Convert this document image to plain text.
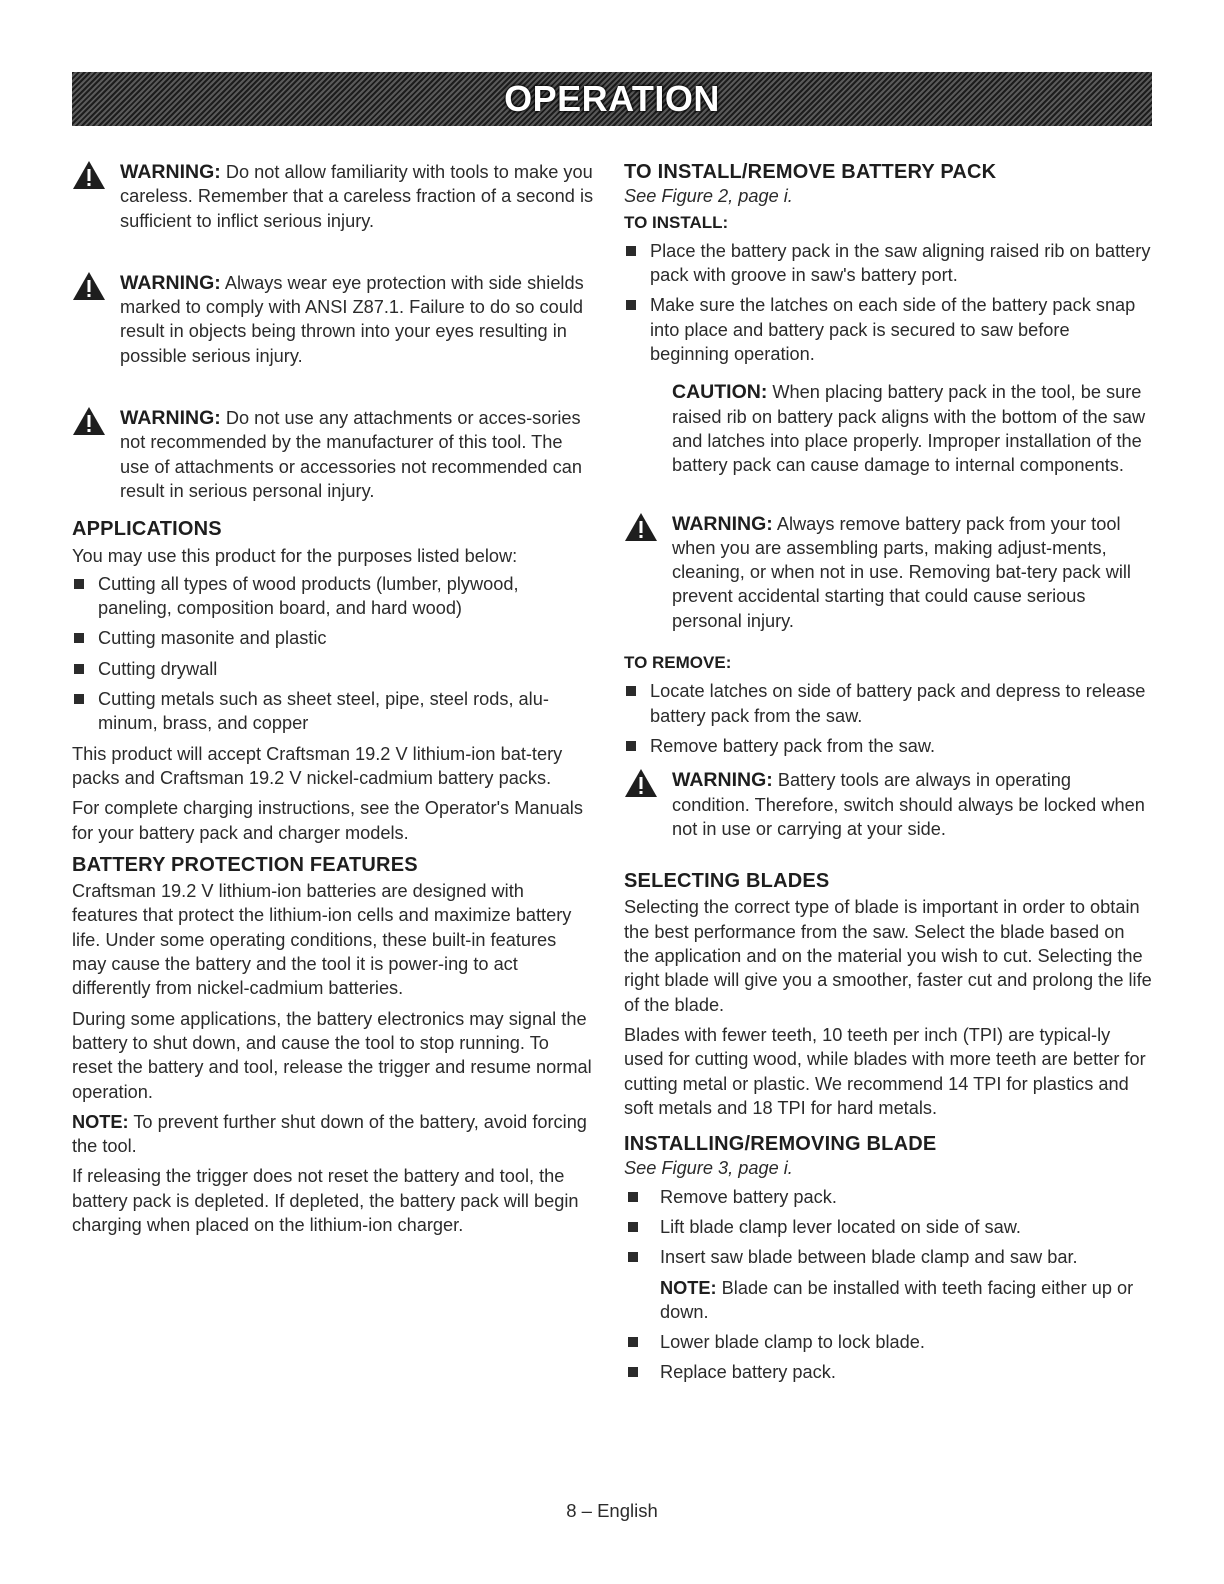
OPERATION

WARNING: Do not allow familiarity with tools to make you careless. Remember that a careless fraction of a second is sufficient to inflict serious injury.

WARNING: Always wear eye protection with side shields marked to comply with ANSI Z87.1. Failure to do so could result in objects being thrown into your eyes resulting in possible serious injury.

WARNING: Do not use any attachments or acces-sories not recommended by the manufacturer of this tool. The use of attachments or accessories not recommended can result in serious personal injury.

APPLICATIONS

You may use this product for the purposes listed below:

Cutting all types of wood products (lumber, plywood, paneling, composition board, and hard wood)
Cutting masonite and plastic
Cutting drywall
Cutting metals such as sheet steel, pipe, steel rods, alu-minum, brass, and copper

This product will accept Craftsman 19.2 V lithium-ion bat-tery packs and Craftsman 19.2 V nickel-cadmium battery packs.

For complete charging instructions, see the Operator's Manuals for your battery pack and charger models.

BATTERY PROTECTION FEATURES

Craftsman 19.2 V lithium-ion batteries are designed with features that protect the lithium-ion cells and maximize battery life. Under some operating conditions, these built-in features may cause the battery and the tool it is power-ing to act differently from nickel-cadmium batteries.

During some applications, the battery electronics may signal the battery to shut down, and cause the tool to stop running. To reset the battery and tool, release the trigger and resume normal operation.

NOTE: To prevent further shut down of the battery, avoid forcing the tool.

If releasing the trigger does not reset the battery and tool, the battery pack is depleted. If depleted, the battery pack will begin charging when placed on the lithium-ion charger.

TO INSTALL/REMOVE BATTERY PACK

See Figure 2, page i.

TO INSTALL:
Place the battery pack in the saw aligning raised rib on battery pack with groove in saw's battery port.
Make sure the latches on each side of the battery pack snap into place and battery pack is secured to saw before beginning operation.

CAUTION: When placing battery pack in the tool, be sure raised rib on battery pack aligns with the bottom of the saw and latches into place properly. Improper installation of the battery pack can cause damage to internal components.

WARNING: Always remove battery pack from your tool when you are assembling parts, making adjust-ments, cleaning, or when not in use. Removing bat-tery pack will prevent accidental starting that could cause serious personal injury.

TO REMOVE:
Locate latches on side of battery pack and depress to release battery pack from the saw.
Remove battery pack from the saw.

WARNING: Battery tools are always in operating condition. Therefore, switch should always be locked when not in use or carrying at your side.

SELECTING BLADES

Selecting the correct type of blade is important in order to obtain the best performance from the saw. Select the blade based on the application and on the material you wish to cut. Selecting the right blade will give you a smoother, faster cut and prolong the life of the blade.

Blades with fewer teeth, 10 teeth per inch (TPI) are typical-ly used for cutting wood, while blades with more teeth are better for cutting metal or plastic. We recommend 14 TPI for plastics and soft metals and 18 TPI for hard metals.

INSTALLING/REMOVING BLADE

See Figure 3, page i.

Remove battery pack.
Lift blade clamp lever located on side of saw.
Insert saw blade between blade clamp and saw bar.

NOTE: Blade can be installed with teeth facing either up or down.

Lower blade clamp to lock blade.
Replace battery pack.
8 – English
